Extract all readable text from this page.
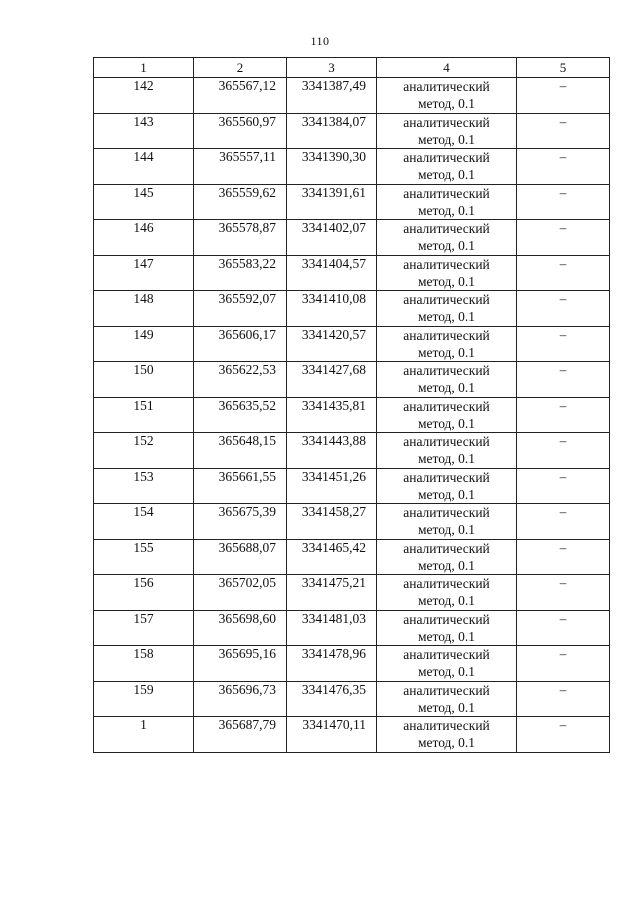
110
1	2	3	4	5
142	365567,12	3341387,49	аналитический
метод, 0.1	–
143	365560,97	3341384,07	аналитический
метод, 0.1	–
144	365557,11	3341390,30	аналитический
метод, 0.1	–
145	365559,62	3341391,61	аналитический
метод, 0.1	–
146	365578,87	3341402,07	аналитический
метод, 0.1	–
147	365583,22	3341404,57	аналитический
метод, 0.1	–
148	365592,07	3341410,08	аналитический
метод, 0.1	–
149	365606,17	3341420,57	аналитический
метод, 0.1	–
150	365622,53	3341427,68	аналитический
метод, 0.1	–
151	365635,52	3341435,81	аналитический
метод, 0.1	–
152	365648,15	3341443,88	аналитический
метод, 0.1	–
153	365661,55	3341451,26	аналитический
метод, 0.1	–
154	365675,39	3341458,27	аналитический
метод, 0.1	–
155	365688,07	3341465,42	аналитический
метод, 0.1	–
156	365702,05	3341475,21	аналитический
метод, 0.1	–
157	365698,60	3341481,03	аналитический
метод, 0.1	–
158	365695,16	3341478,96	аналитический
метод, 0.1	–
159	365696,73	3341476,35	аналитический
метод, 0.1	–
1	365687,79	3341470,11	аналитический
метод, 0.1	–
